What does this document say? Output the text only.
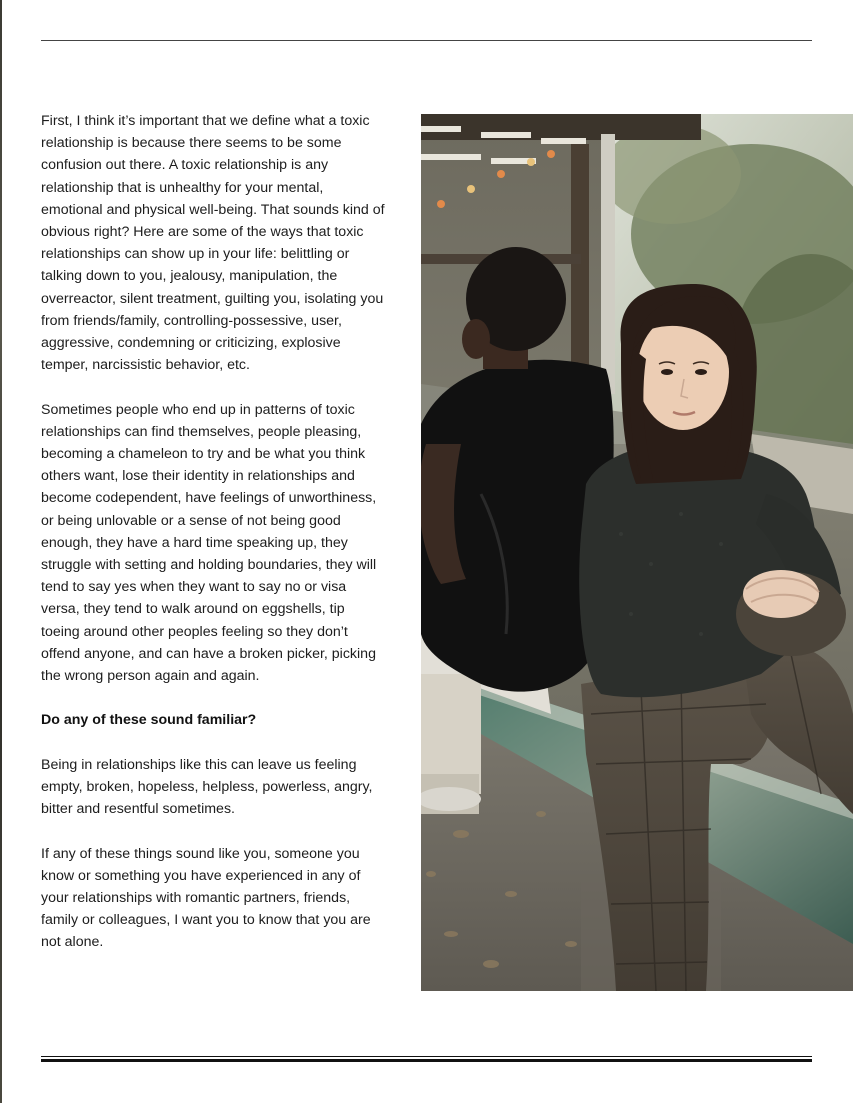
First, I think it’s important that we define what a toxic relationship is because there seems to be some confusion out there. A toxic relationship is any relationship that is unhealthy for your mental, emotional and physical well-being. That sounds kind of obvious right? Here are some of the ways that toxic relationships can show up in your life: belittling or talking down to you, jealousy, manipulation, the overreactor, silent treatment, guilting you, isolating you from friends/family, controlling-possessive, user, aggressive, condemning or criticizing, explosive temper, narcissistic behavior, etc.

Sometimes people who end up in patterns of toxic relationships can find themselves, people pleasing, becoming a chameleon to try and be what you think others want, lose their identity in relationships and become codependent, have feelings of unworthiness, or being unlovable or a sense of not being good enough, they have a hard time speaking up, they struggle with setting and holding boundaries, they will tend to say yes when they want to say no or visa versa, they tend to walk around on eggshells, tip toeing around other peoples feeling so they don’t offend anyone, and can have a broken picker, picking the wrong person again and again.

Do any of these sound familiar?

Being in relationships like this can leave us feeling empty, broken, hopeless, helpless, powerless, angry, bitter and resentful sometimes.

If any of these things sound like you, someone you know or something you have experienced in any of your relationships with romantic partners, friends, family or colleagues, I want you to know that you are not alone.
